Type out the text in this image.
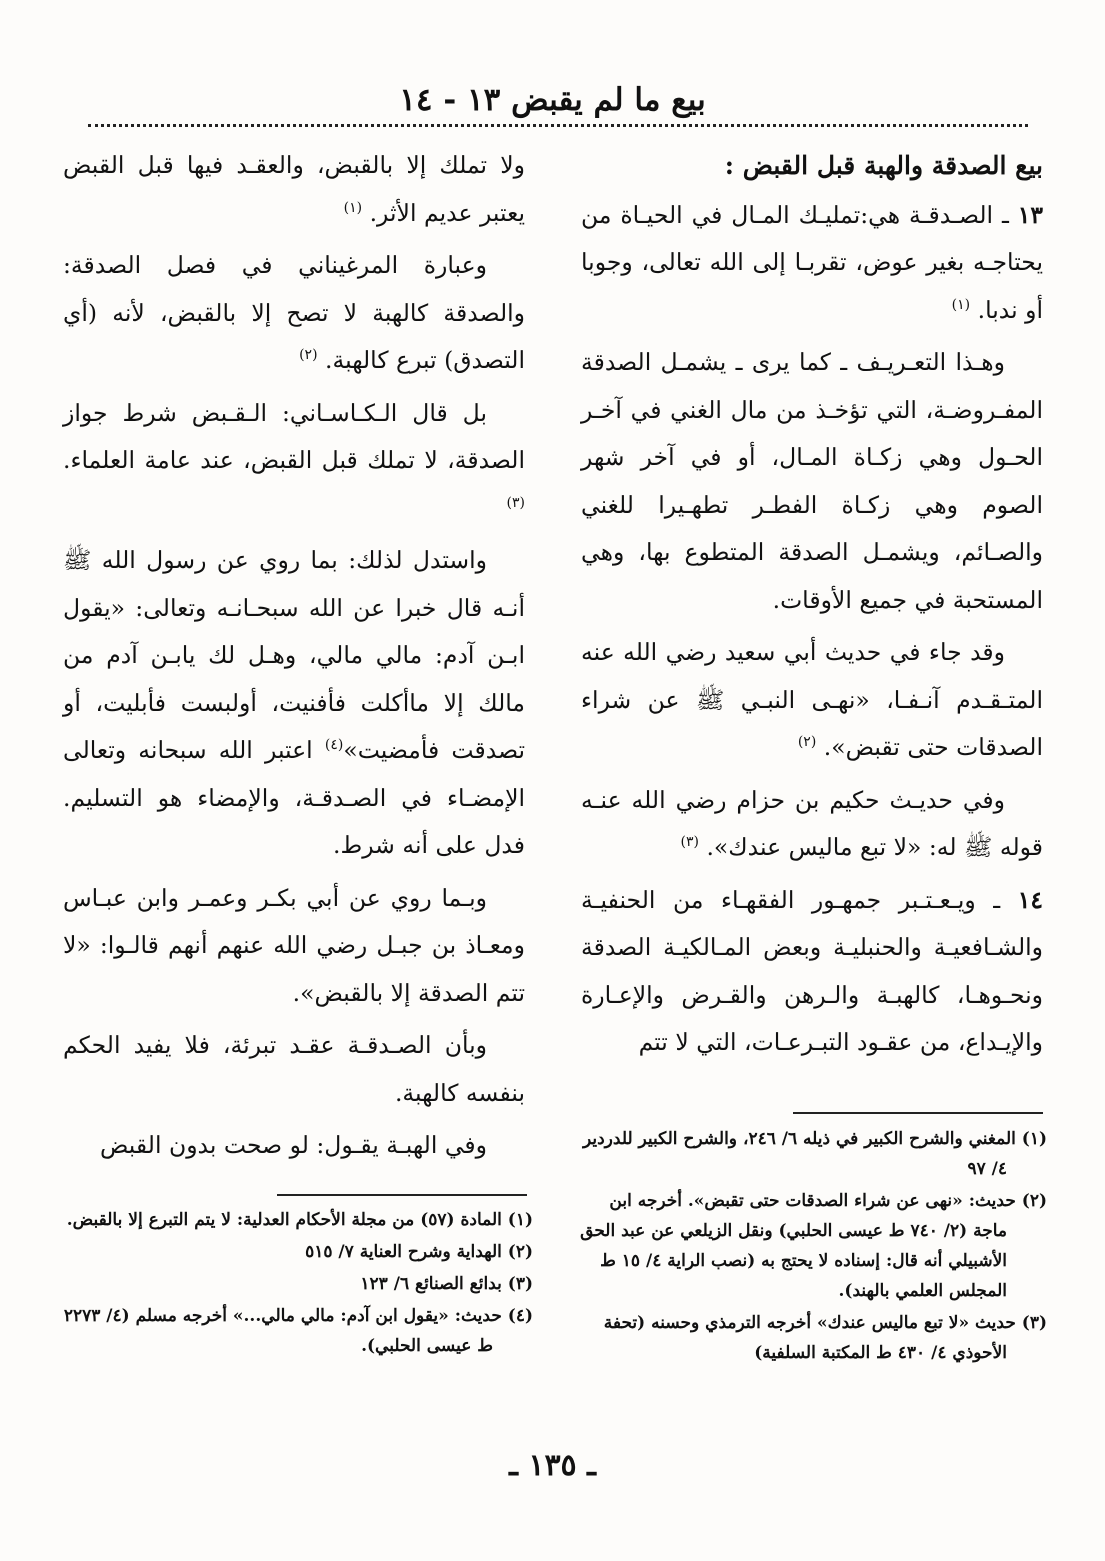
بيع ما لم يقبض ١٣ - ١٤

بيع الصدقة والهبة قبل القبض :

١٣ ـ الصـدقـة هي:تمليـك المـال في الحيـاة من يحتاجـه بغير عوض، تقربـا إلى الله تعالى، وجوبا أو ندبا. $^{(١)}$

وهـذا التعـريـف ـ كما يرى ـ يشمـل الصدقة المفـروضـة، التي تؤخـذ من مال الغني في آخـر الحـول وهي زكـاة المـال، أو في آخر شهر الصوم وهي زكـاة الفطـر تطهـيرا للغني والصـائم، ويشمـل الصدقة المتطوع بها، وهي المستحبة في جميع الأوقات.

وقد جاء في حديث أبي سعيد رضي الله عنه المتـقـدم آنـفـا، «نهـى النبـي ﷺ عن شراء الصدقات حتى تقبض». $^{(٢)}$

وفي حديـث حكيم بن حزام رضي الله عنـه قوله ﷺ له: «لا تبع ماليس عندك». $^{(٣)}$

١٤ ـ ويـعـتـبر جمهـور الفقهـاء من الحنفيـة والشـافعيـة والحنبليـة وبعض المـالكيـة الصدقة ونحـوهـا، كالهبـة والـرهن والقـرض والإعـارة والإيـداع، من عقـود التبـرعـات، التي لا تتم

ولا تملك إلا بالقبض، والعقـد فيها قبل القبض يعتبر عديم الأثر. $^{(١)}$

وعبارة المرغيناني في فصل الصدقة: والصدقة كالهبة لا تصح إلا بالقبض، لأنه (أي التصدق) تبرع كالهبة. $^{(٢)}$

بل قال الـكـاسـاني: الـقـبض شرط جواز الصدقة، لا تملك قبل القبض، عند عامة العلماء. $^{(٣)}$

واستدل لذلك: بما روي عن رسول الله ﷺ أنـه قال خبرا عن الله سبحـانـه وتعالى: «يقول ابـن آدم: مالي مالي، وهـل لك يابـن آدم من مالك إلا ماأكلت فأفنيت، أولبست فأبليت، أو تصدقت فأمضيت»$^{(٤)}$ اعتبر الله سبحانه وتعالى الإمضـاء في الصـدقـة، والإمضاء هو التسليم. فدل على أنه شرط.

وبـما روي عن أبي بكـر وعمـر وابن عبـاس ومعـاذ بن جبـل رضي الله عنهم أنهم قالـوا: «لا تتم الصدقة إلا بالقبض».

وبأن الصـدقـة عقـد تبرئة، فلا يفيد الحكم بنفسه كالهبة.

وفي الهبـة يقـول: لو صحت بدون القبض	(١) المغني والشرح الكبير في ذيله ٦/ ٢٤٦، والشرح الكبير للدردير ٤/ ٩٧

(٢) حديث: «نهى عن شراء الصدقات حتى تقبض». أخرجه ابن ماجة (٢/ ٧٤٠ ط عيسى الحلبي) ونقل الزيلعي عن عبد الحق الأشبيلي أنه قال: إسناده لا يحتج به (نصب الراية ٤/ ١٥ ط المجلس العلمي بالهند).

(٣) حديث «لا تبع ماليس عندك» أخرجه الترمذي وحسنه (تحفة الأحوذي ٤/ ٤٣٠ ط المكتبة السلفية)

(١) المادة (٥٧) من مجلة الأحكام العدلية: لا يتم التبرع إلا بالقبض.

(٢) الهداية وشرح العناية ٧/ ٥١٥

(٣) بدائع الصنائع ٦/ ١٢٣

(٤) حديث: «يقول ابن آدم: مالي مالي...» أخرجه مسلم (٤/ ٢٢٧٣ ط عيسى الحلبي).

ـ ١٣٥ ـ
